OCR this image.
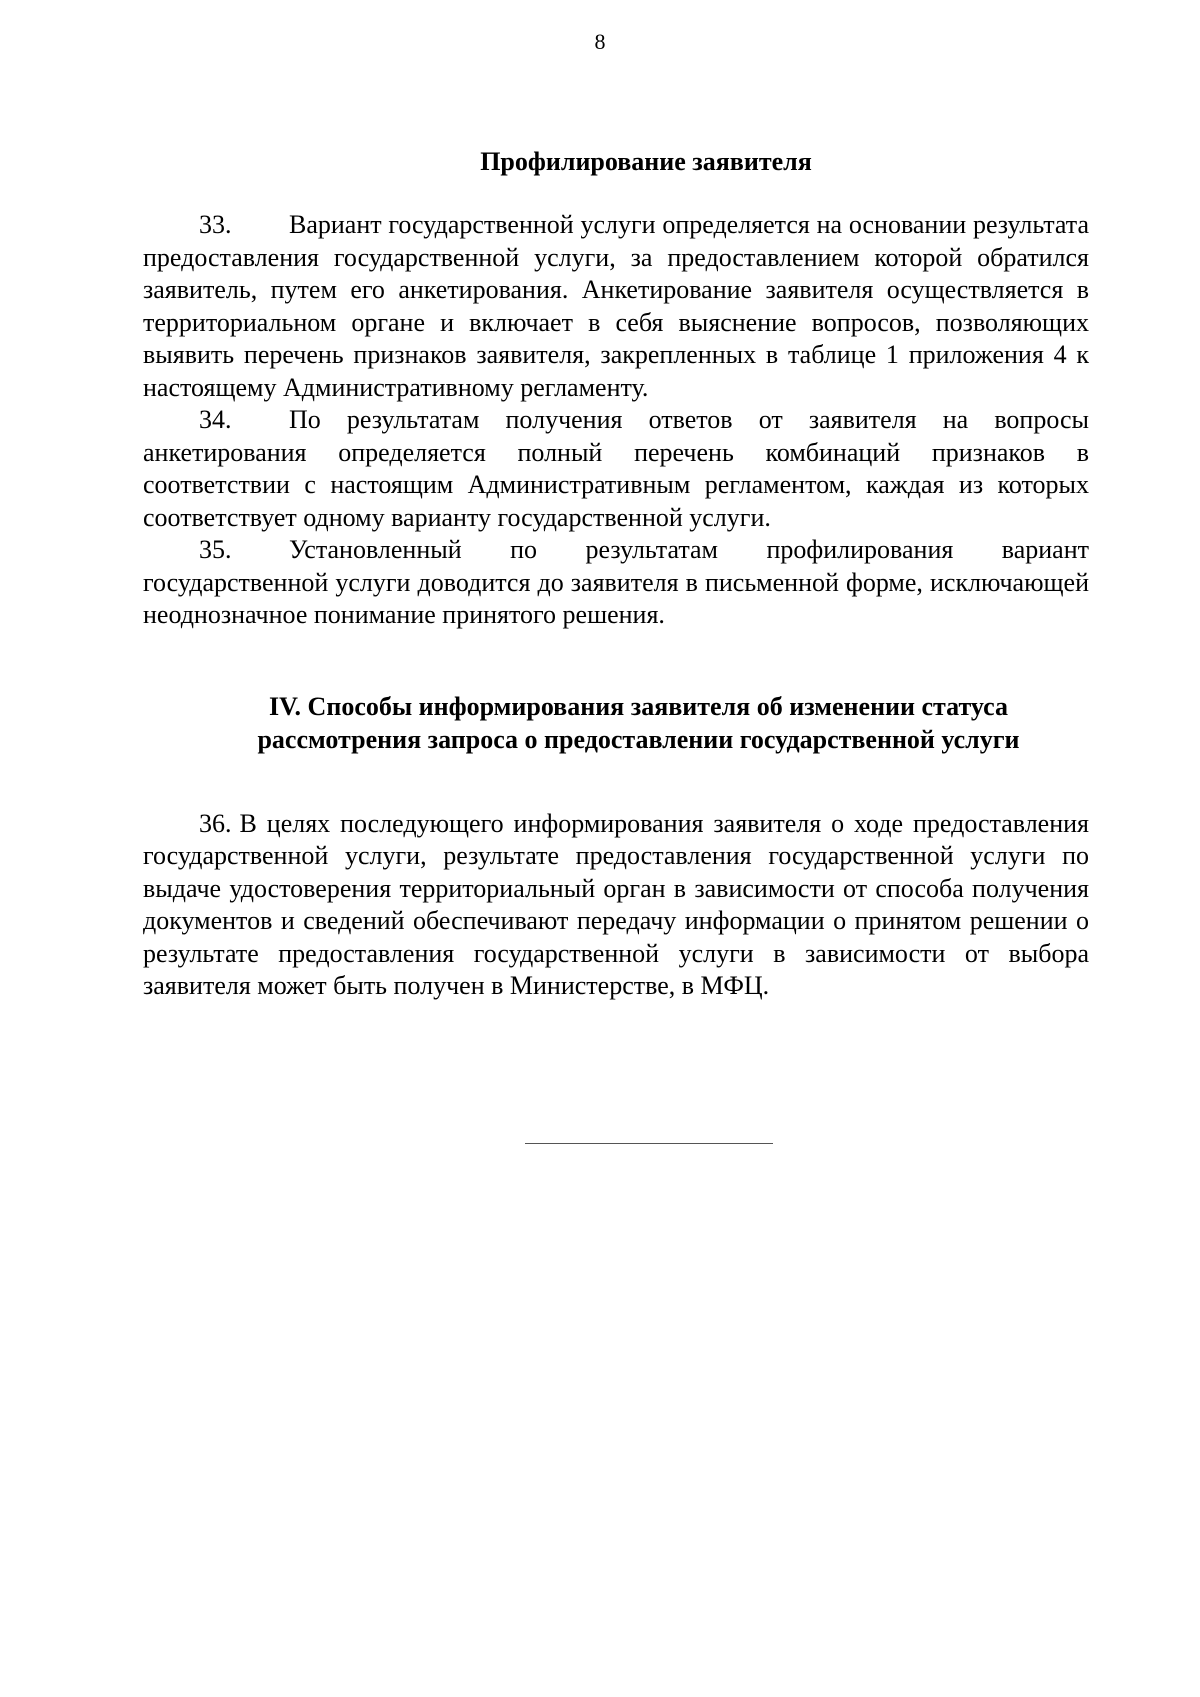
8
Профилирование заявителя

33. Вариант государственной услуги определяется на основании результата предоставления государственной услуги, за предоставлением которой обратился заявитель, путем его анкетирования. Анкетирование заявителя осуществляется в территориальном органе и включает в себя выяснение вопросов, позволяющих выявить перечень признаков заявителя, закрепленных в таблице 1 приложения 4 к настоящему Административному регламенту.

34. По результатам получения ответов от заявителя на вопросы анкетирования определяется полный перечень комбинаций признаков в соответствии с настоящим Административным регламентом, каждая из которых соответствует одному варианту государственной услуги.

35. Установленный по результатам профилирования вариант государственной услуги доводится до заявителя в письменной форме, исключающей неоднозначное понимание принятого решения.

IV. Способы информирования заявителя об изменении статуса
рассмотрения запроса о предоставлении государственной услуги

36. В целях последующего информирования заявителя о ходе предоставления государственной услуги, результате предоставления государственной услуги по выдаче удостоверения территориальный орган в зависимости от способа получения документов и сведений обеспечивают передачу информации о принятом решении о результате предоставления государственной услуги в зависимости от выбора заявителя может быть получен в Министерстве, в МФЦ.
